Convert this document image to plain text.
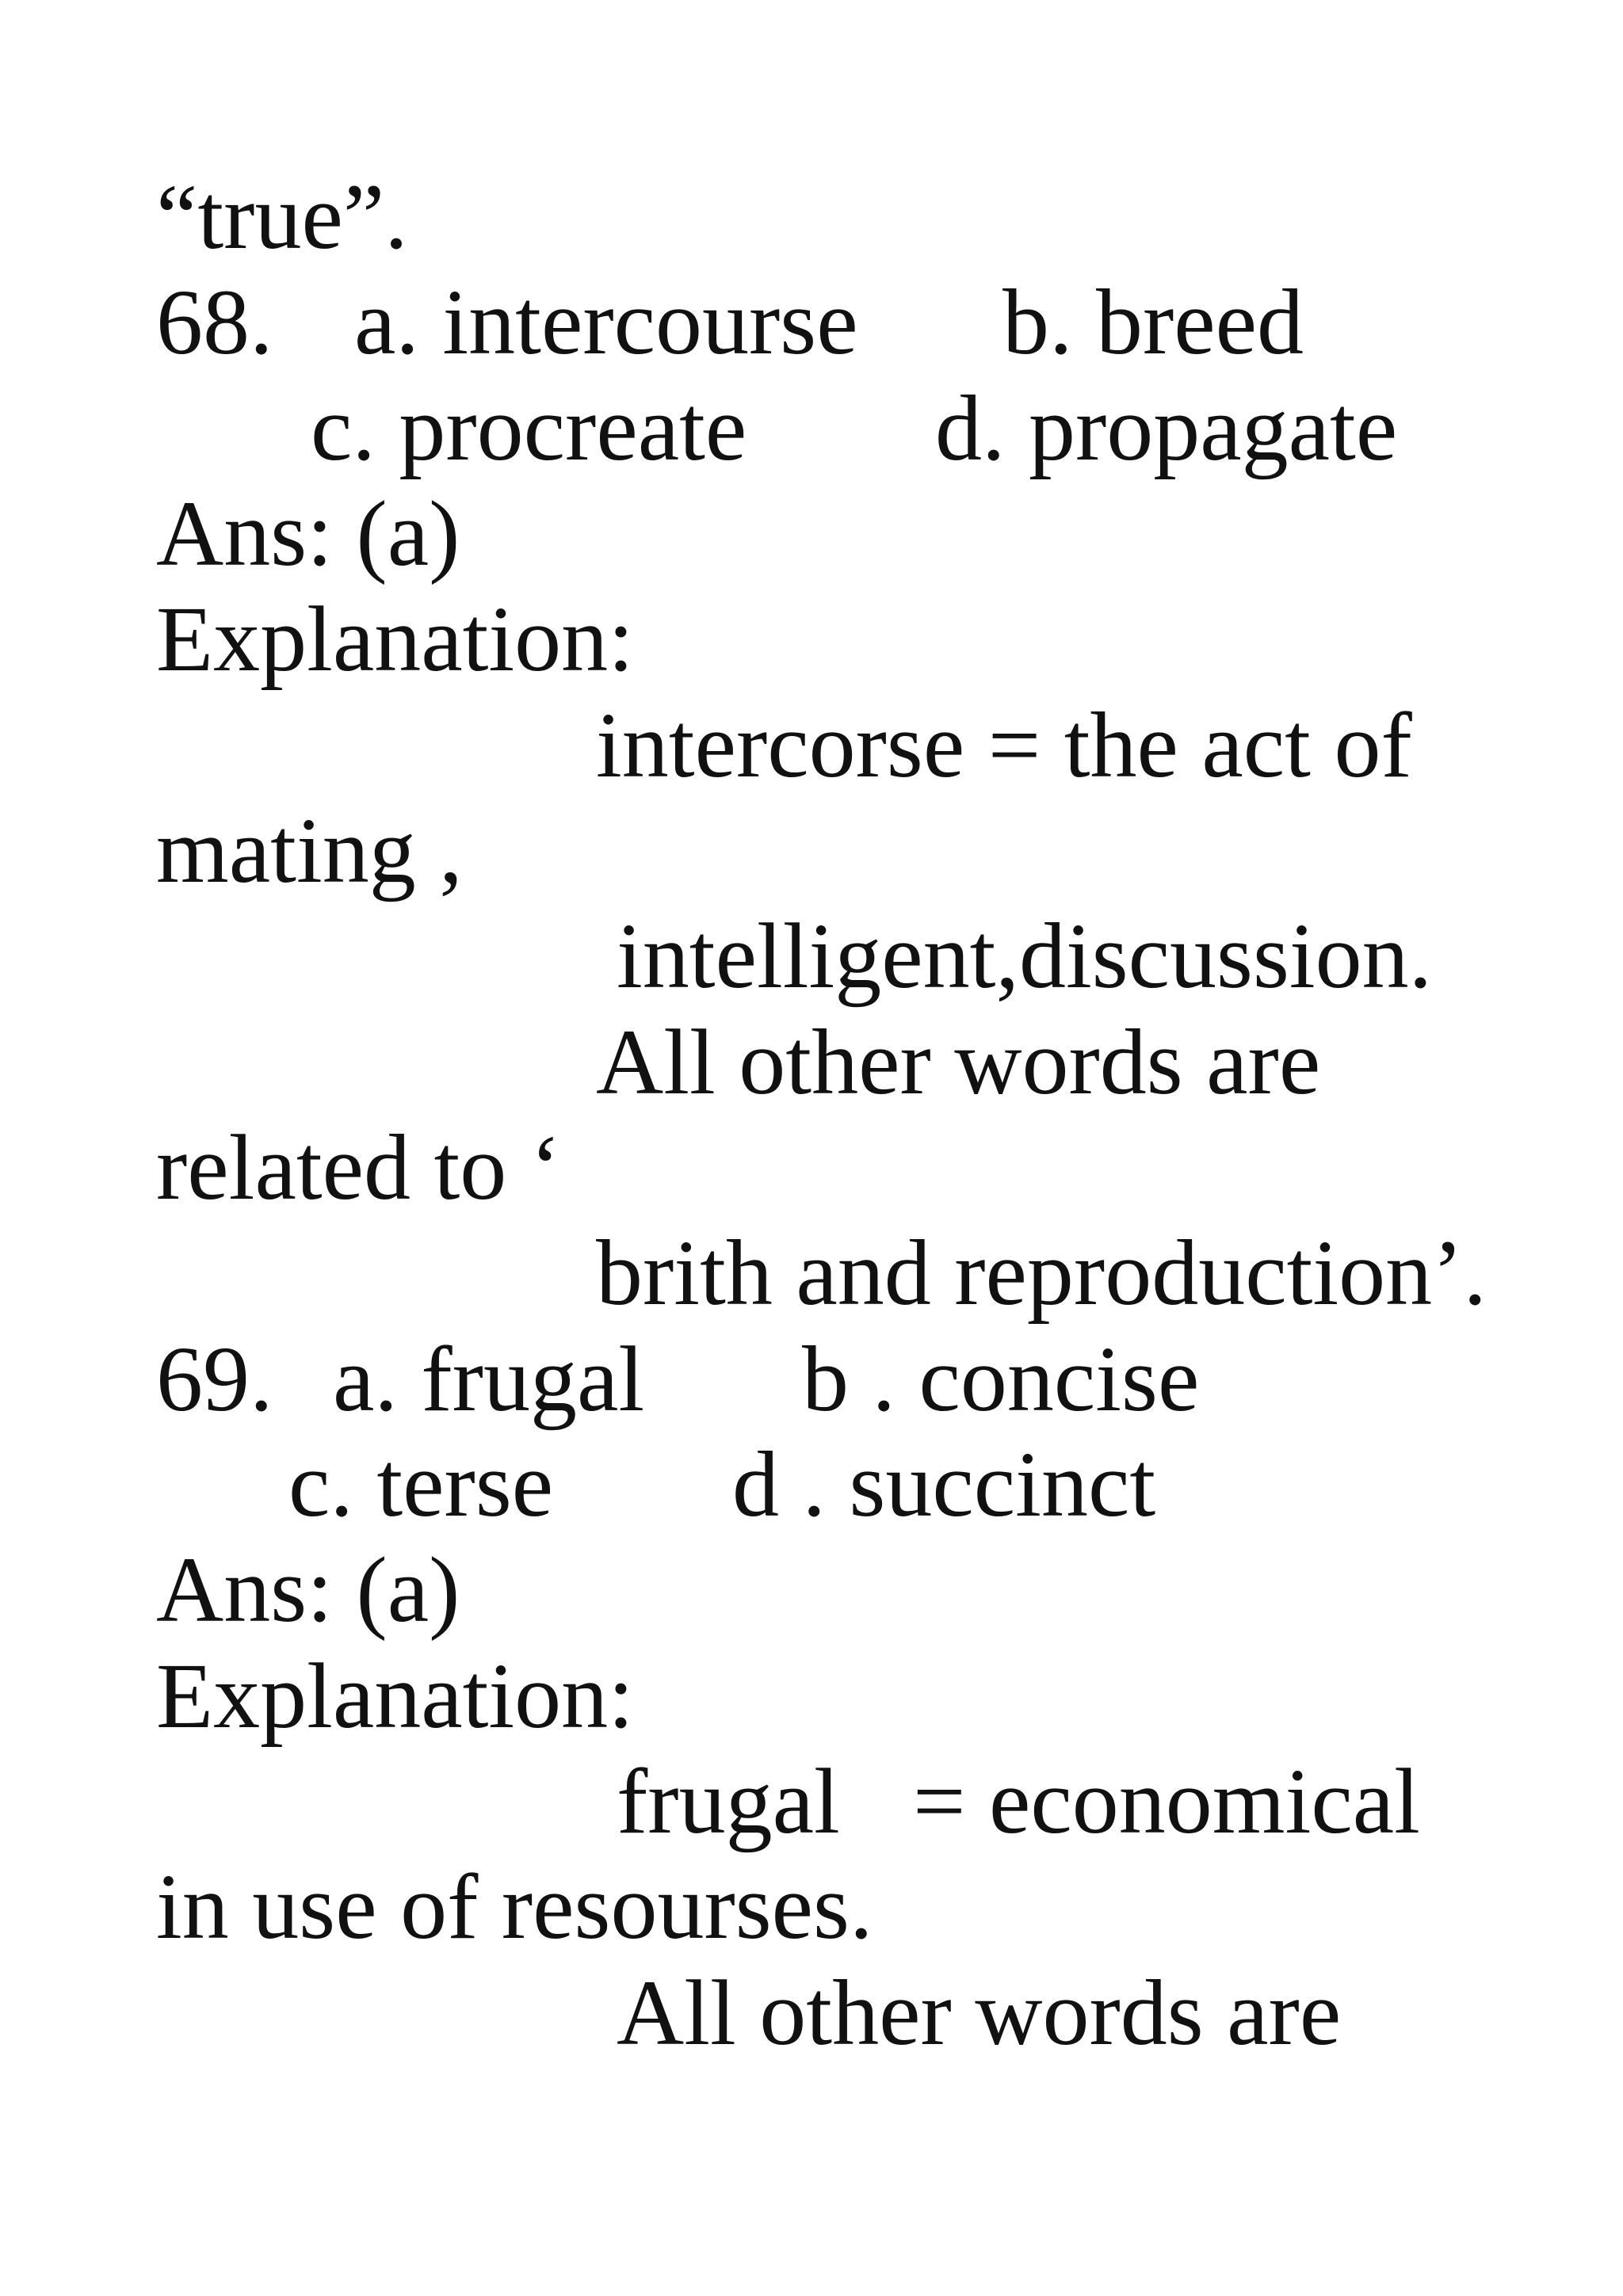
“true”.
68. a. intercourse b. breed
c. procreate d. propagate
Ans: (a)
Explanation:
intercorse = the act of
mating ,
intelligent,discussion.
All other words are
related to ‘
brith and reproduction’.
69. a. frugal b . concise
c. terse d . succinct
Ans: (a)
Explanation:
frugal = economical
in use of resourses.
All other words are
